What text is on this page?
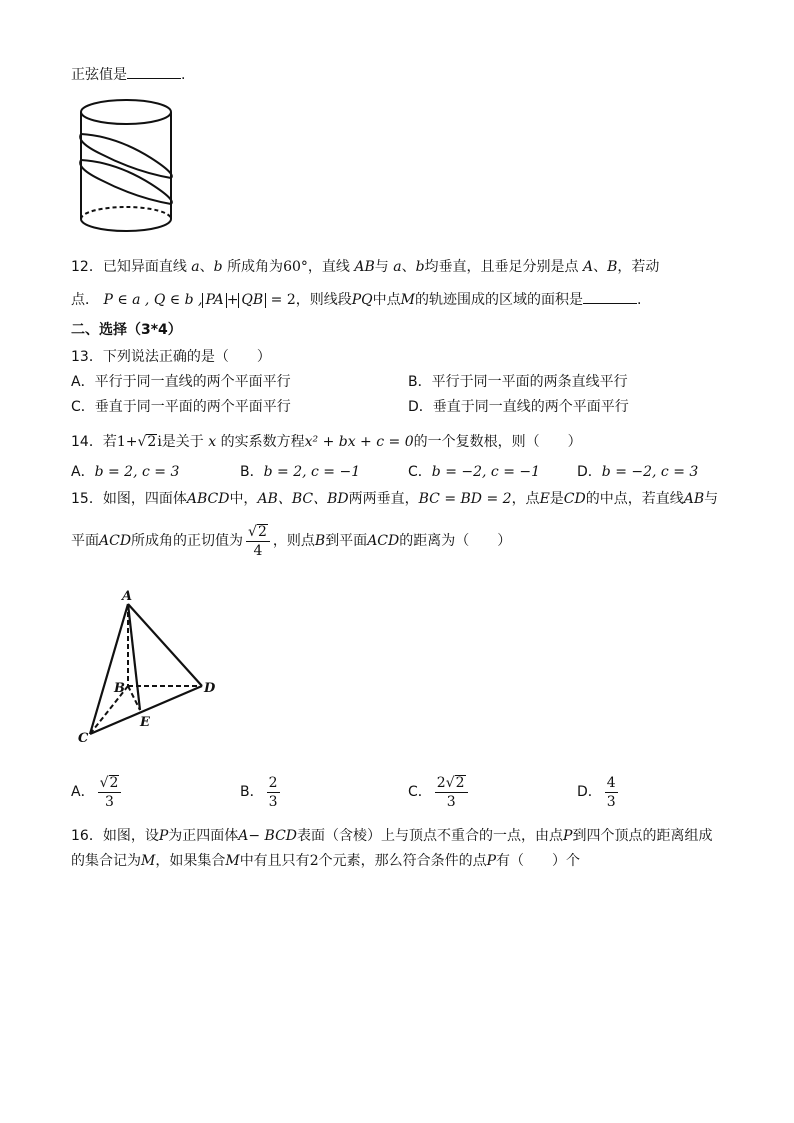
正弦值是	.
12．已知异面直线 a、b 所成角为60°，直线 AB与 a、b均垂直，且垂足分别是点 A、B，若动
点． P ∈ a , Q ∈ b , PA + QB = 2，则线段PQ中点M的轨迹围成的区域的面积是	.
二、选择（3*4）
13．下列说法正确的是（　　）
A．平行于同一直线的两个平面平行	B．平行于同一平面的两条直线平行
C．垂直于同一平面的两个平面平行	D．垂直于同一直线的两个平面平行
14．若1+√2i是关于 x 的实系数方程x² + bx + c = 0的一个复数根，则（　　）
A．b = 2, c = 3	B．b = 2, c = −1	C．b = −2, c = −1	D．b = −2, c = 3
15．如图，四面体ABCD中，AB、BC、BD两两垂直，BC = BD = 2，点E是CD的中点，若直线AB与
平面ACD所成角的正切值为 $\frac{√2}{4}$ ，则点B到平面ACD的距离为（　　）
A
B
C
D
E
A． $\frac{√2}{3}$	B． $\frac{2}{3}$	C． $\frac{2√2}{3}$	D． $\frac{4}{3}$
16．如图，设P为正四面体A− BCD表面（含棱）上与顶点不重合的一点，由点P到四个顶点的距离组成
的集合记为M，如果集合M中有且只有2个元素，那么符合条件的点P有（　　）个
